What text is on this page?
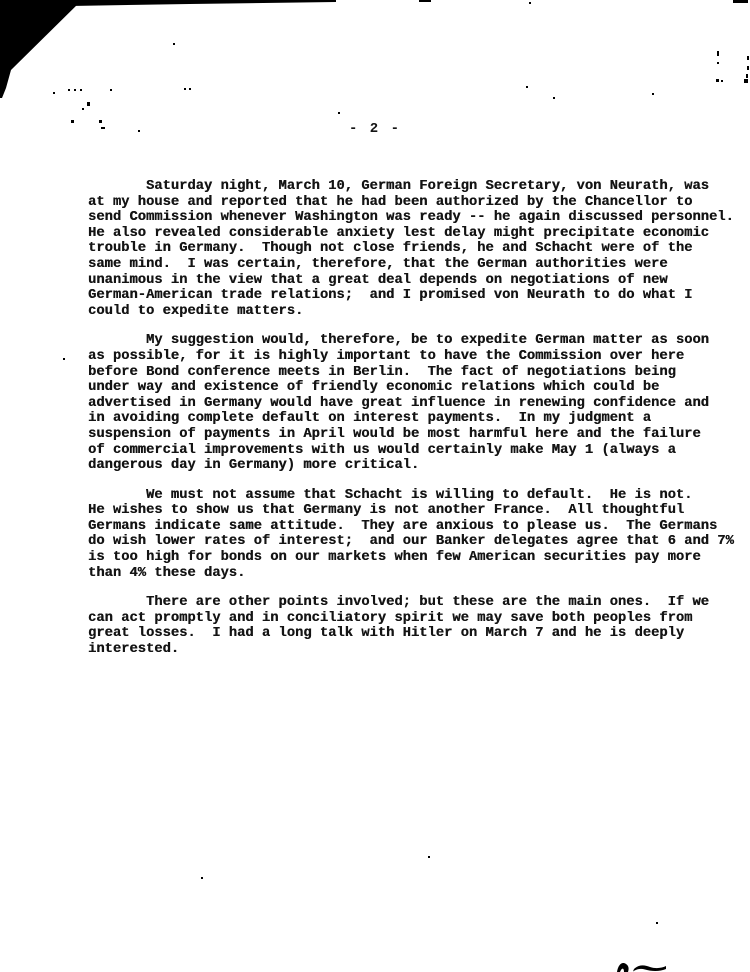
- 2 -
Saturday night, March 10, German Foreign Secretary, von Neurath, was
at my house and reported that he had been authorized by the Chancellor to
send Commission whenever Washington was ready -- he again discussed personnel.
He also revealed considerable anxiety lest delay might precipitate economic
trouble in Germany.  Though not close friends, he and Schacht were of the
same mind.  I was certain, therefore, that the German authorities were
unanimous in the view that a great deal depends on negotiations of new
German-American trade relations;  and I promised von Neurath to do what I
could to expedite matters.
My suggestion would, therefore, be to expedite German matter as soon
as possible, for it is highly important to have the Commission over here
before Bond conference meets in Berlin.  The fact of negotiations being
under way and existence of friendly economic relations which could be
advertised in Germany would have great influence in renewing confidence and
in avoiding complete default on interest payments.  In my judgment a
suspension of payments in April would be most harmful here and the failure
of commercial improvements with us would certainly make May 1 (always a
dangerous day in Germany) more critical.
We must not assume that Schacht is willing to default.  He is not.
He wishes to show us that Germany is not another France.  All thoughtful
Germans indicate same attitude.  They are anxious to please us.  The Germans
do wish lower rates of interest;  and our Banker delegates agree that 6 and 7%
is too high for bonds on our markets when few American securities pay more
than 4% these days.
There are other points involved; but these are the main ones.  If we
can act promptly and in conciliatory spirit we may save both peoples from
great losses.  I had a long talk with Hitler on March 7 and he is deeply
interested.
